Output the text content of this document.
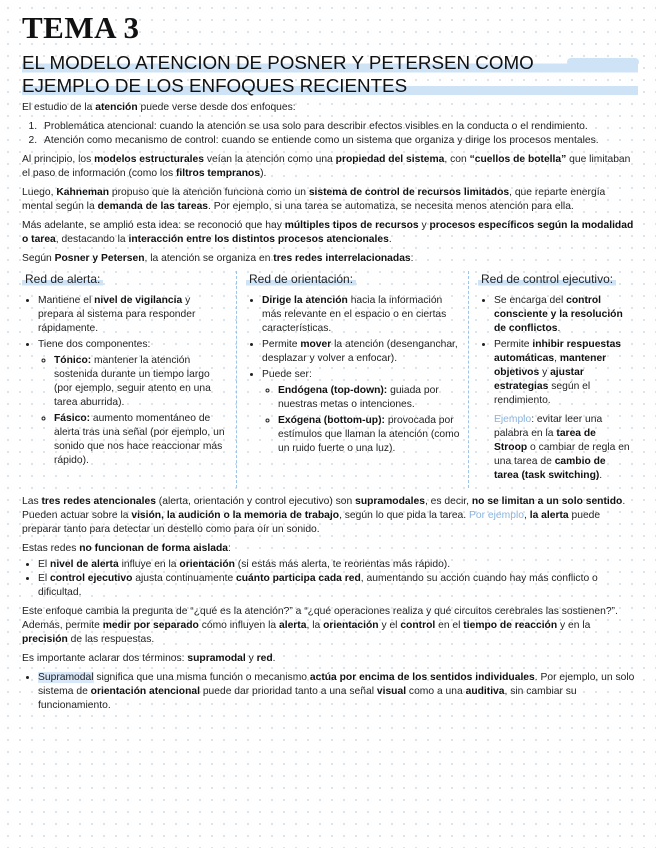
TEMA 3
EL MODELO ATENCION DE POSNER Y PETERSEN COMO
EJEMPLO DE LOS ENFOQUES RECIENTES

El estudio de la atención puede verse desde dos enfoques:

1. Problemática atencional: cuando la atención se usa solo para describir efectos visibles en la conducta o el rendimiento.
2. Atención como mecanismo de control: cuando se entiende como un sistema que organiza y dirige los procesos mentales.

Al principio, los modelos estructurales veían la atención como una propiedad del sistema, con “cuellos de botella” que limitaban el paso de información (como los filtros tempranos).

Luego, Kahneman propuso que la atención funciona como un sistema de control de recursos limitados, que reparte energía mental según la demanda de las tareas. Por ejemplo, si una tarea se automatiza, se necesita menos atención para ella.

Más adelante, se amplió esta idea: se reconoció que hay múltiples tipos de recursos y procesos específicos según la modalidad o tarea, destacando la interacción entre los distintos procesos atencionales.

Según Posner y Petersen, la atención se organiza en tres redes interrelacionadas:

Red de alerta:
• Mantiene el nivel de vigilancia y prepara al sistema para responder rápidamente.
• Tiene dos componentes:
◦ Tónico: mantener la atención sostenida durante un tiempo largo (por ejemplo, seguir atento en una tarea aburrida).
◦ Fásico: aumento momentáneo de alerta tras una señal (por ejemplo, un sonido que nos hace reaccionar más rápido).
Red de orientación:
• Dirige la atención hacia la información más relevante en el espacio o en ciertas características.
• Permite mover la atención (desenganchar, desplazar y volver a enfocar).
• Puede ser:
◦ Endógena (top-down): guiada por nuestras metas o intenciones.
◦ Exógena (bottom-up): provocada por estímulos que llaman la atención (como un ruido fuerte o una luz).
Red de control ejecutivo:
• Se encarga del control consciente y la resolución de conflictos.
• Permite inhibir respuestas automáticas, mantener objetivos y ajustar estrategias según el rendimiento.

Ejemplo: evitar leer una palabra en la tarea de Stroop o cambiar de regla en una tarea de cambio de tarea (task switching).

Las tres redes atencionales (alerta, orientación y control ejecutivo) son supramodales, es decir, no se limitan a un solo sentido. Pueden actuar sobre la visión, la audición o la memoria de trabajo, según lo que pida la tarea. Por ejemplo, la alerta puede preparar tanto para detectar un destello como para oír un sonido.

Estas redes no funcionan de forma aislada:

• El nivel de alerta influye en la orientación (si estás más alerta, te reorientas más rápido).
• El control ejecutivo ajusta continuamente cuánto participa cada red, aumentando su acción cuando hay más conflicto o dificultad.

Este enfoque cambia la pregunta de “¿qué es la atención?” a “¿qué operaciones realiza y qué circuitos cerebrales las sostienen?”.
Además, permite medir por separado cómo influyen la alerta, la orientación y el control en el tiempo de reacción y en la precisión de las respuestas.

Es importante aclarar dos términos: supramodal y red.

• Supramodal significa que una misma función o mecanismo actúa por encima de los sentidos individuales. Por ejemplo, un solo sistema de orientación atencional puede dar prioridad tanto a una señal visual como a una auditiva, sin cambiar su funcionamiento.
